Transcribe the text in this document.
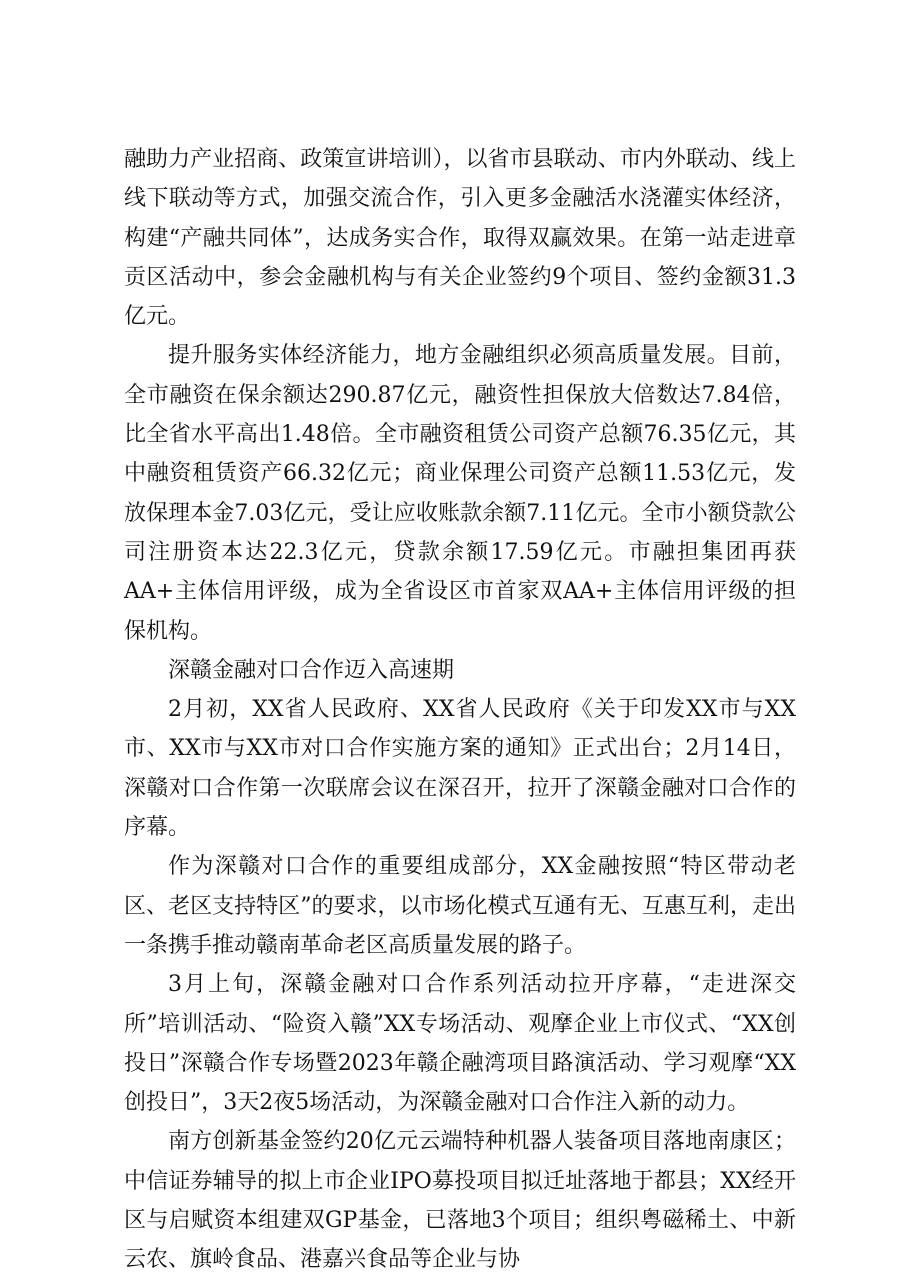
融助力产业招商、政策宣讲培训），以省市县联动、市内外联动、线上线下联动等方式，加强交流合作，引入更多金融活水浇灌实体经济，构建“产融共同体”，达成务实合作，取得双赢效果。在第一站走进章贡区活动中，参会金融机构与有关企业签约9个项目、签约金额31.3亿元。

提升服务实体经济能力，地方金融组织必须高质量发展。目前，全市融资在保余额达290.87亿元，融资性担保放大倍数达7.84倍，比全省水平高出1.48倍。全市融资租赁公司资产总额76.35亿元，其中融资租赁资产66.32亿元；商业保理公司资产总额11.53亿元，发放保理本金7.03亿元，受让应收账款余额7.11亿元。全市小额贷款公司注册资本达22.3亿元，贷款余额17.59亿元。市融担集团再获AA+主体信用评级，成为全省设区市首家双AA+主体信用评级的担保机构。

深赣金融对口合作迈入高速期

2月初，XX省人民政府、XX省人民政府《关于印发XX市与XX市、XX市与XX市对口合作实施方案的通知》正式出台；2月14日，深赣对口合作第一次联席会议在深召开，拉开了深赣金融对口合作的序幕。

作为深赣对口合作的重要组成部分，XX金融按照“特区带动老区、老区支持特区”的要求，以市场化模式互通有无、互惠互利，走出一条携手推动赣南革命老区高质量发展的路子。

3月上旬，深赣金融对口合作系列活动拉开序幕，“走进深交所”培训活动、“险资入赣”XX专场活动、观摩企业上市仪式、“XX创投日”深赣合作专场暨2023年赣企融湾项目路演活动、学习观摩“XX创投日”，3天2夜5场活动，为深赣金融对口合作注入新的动力。

南方创新基金签约20亿元云端特种机器人装备项目落地南康区；中信证券辅导的拟上市企业IPO募投项目拟迁址落地于都县；XX经开区与启赋资本组建双GP基金，已落地3个项目；组织粤磁稀土、中新云农、旗岭食品、港嘉兴食品等企业与协
